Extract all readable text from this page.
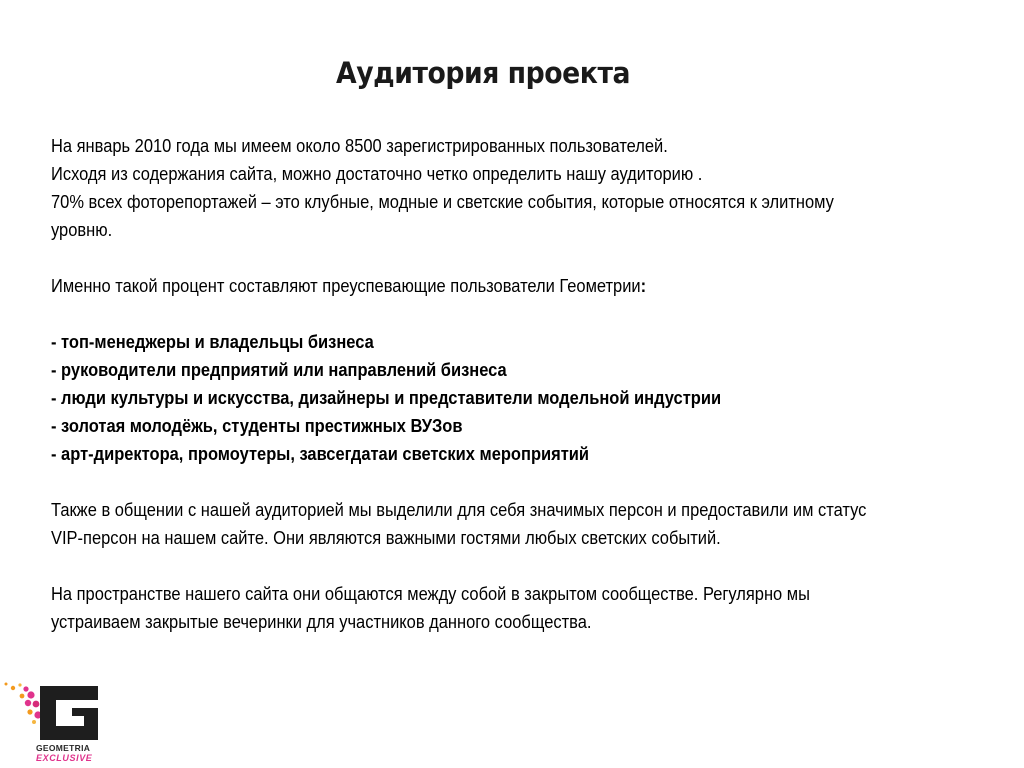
Аудитория проекта

На январь 2010 года мы имеем около 8500 зарегистрированных пользователей.

Исходя из содержания сайта, можно достаточно четко определить нашу аудиторию .

70% всех фоторепортажей – это клубные, модные и светские события, которые относятся к элитному

уровню.

Именно такой процент составляют преуспевающие пользователи Геометрии:

- топ-менеджеры и владельцы бизнеса

- руководители предприятий или направлений бизнеса

- люди культуры и искусства, дизайнеры и представители модельной индустрии

- золотая молодёжь, студенты престижных ВУЗов

- арт-директора, промоутеры, завсегдатаи светских мероприятий

Также в общении с нашей аудиторией мы выделили для себя значимых персон и предоставили им статус

VIP-персон на нашем сайте. Они являются важными гостями любых светских событий.

На пространстве нашего сайта они общаются между собой в закрытом сообществе. Регулярно мы

устраиваем закрытые вечеринки для участников данного сообщества.

GEOMETRIA
EXCLUSIVE
